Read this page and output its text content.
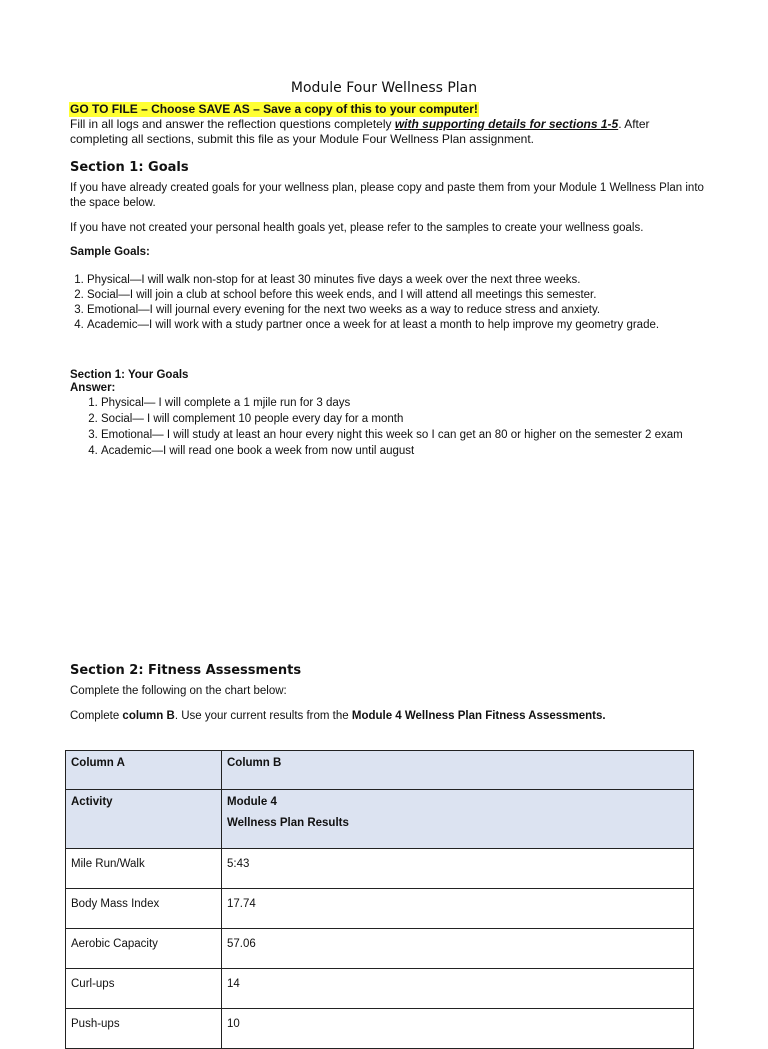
Module Four Wellness Plan
GO TO FILE – Choose SAVE AS – Save a copy of this to your computer!
Fill in all logs and answer the reflection questions completely with supporting details for sections 1-5. After completing all sections, submit this file as your Module Four Wellness Plan assignment.
Section 1: Goals
If you have already created goals for your wellness plan, please copy and paste them from your Module 1 Wellness Plan into the space below.
If you have not created your personal health goals yet, please refer to the samples to create your wellness goals.
Sample Goals:
1. Physical—I will walk non-stop for at least 30 minutes five days a week over the next three weeks.
2. Social—I will join a club at school before this week ends, and I will attend all meetings this semester.
3. Emotional—I will journal every evening for the next two weeks as a way to reduce stress and anxiety.
4. Academic—I will work with a study partner once a week for at least a month to help improve my geometry grade.
Section 1: Your Goals
Answer:
1. Physical— I will complete a 1 mjile run for 3 days
2. Social— I will complement 10 people every day for a month
3. Emotional— I will study at least an hour every night this week so I can get an 80 or higher on the semester 2 exam
4. Academic—I will read one book a week from now until august
Section 2: Fitness Assessments
Complete the following on the chart below:
Complete column B. Use your current results from the Module 4 Wellness Plan Fitness Assessments.
Column A	Column B
Activity	Module 4
Wellness Plan Results

Mile Run/Walk	5:43
Body Mass Index	17.74
Aerobic Capacity	57.06
Curl-ups	14
Push-ups	10
